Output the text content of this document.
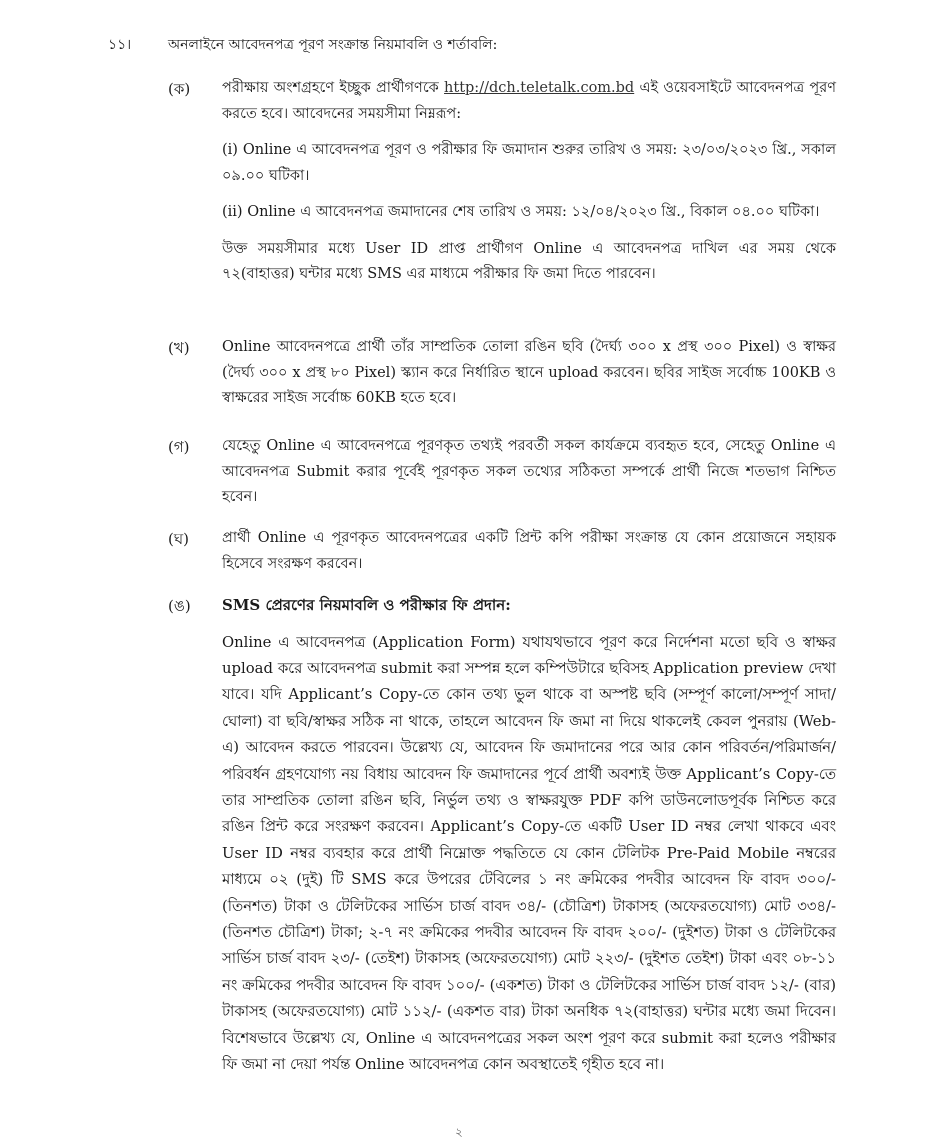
১১।	অনলাইনে আবেদনপত্র পূরণ সংক্রান্ত নিয়মাবলি ও শর্তাবলি:
(ক) পরীক্ষায় অংশগ্রহণে ইচ্ছুক প্রার্থীগণকে http://dch.teletalk.com.bd এই ওয়েবসাইটে আবেদনপত্র পূরণ করতে হবে। আবেদনের সময়সীমা নিম্নরূপ:

(i) Online এ আবেদনপত্র পূরণ ও পরীক্ষার ফি জমাদান শুরুর তারিখ ও সময়: ২৩/০৩/২০২৩ খ্রি., সকাল ০৯.০০ ঘটিকা।

(ii) Online এ আবেদনপত্র জমাদানের শেষ তারিখ ও সময়: ১২/০৪/২০২৩ খ্রি., বিকাল ০৪.০০ ঘটিকা।

উক্ত সময়সীমার মধ্যে User ID প্রাপ্ত প্রার্থীগণ Online এ আবেদনপত্র দাখিল এর সময় থেকে ৭২(বাহাত্তর) ঘন্টার মধ্যে SMS এর মাধ্যমে পরীক্ষার ফি জমা দিতে পারবেন।

(খ) Online আবেদনপত্রে প্রার্থী তাঁর সাম্প্রতিক তোলা রঙিন ছবি (দৈর্ঘ্য ৩০০ x প্রস্থ ৩০০ Pixel) ও স্বাক্ষর (দৈর্ঘ্য ৩০০ x প্রস্থ ৮০ Pixel) স্ক্যান করে নির্ধারিত স্থানে upload করবেন। ছবির সাইজ সর্বোচ্চ 100KB ও স্বাক্ষরের সাইজ সর্বোচ্চ 60KB হতে হবে।

(গ) যেহেতু Online এ আবেদনপত্রে পূরণকৃত তথ্যই পরবর্তী সকল কার্যক্রমে ব্যবহৃত হবে, সেহেতু Online এ আবেদনপত্র Submit করার পূর্বেই পূরণকৃত সকল তথ্যের সঠিকতা সম্পর্কে প্রার্থী নিজে শতভাগ নিশ্চিত হবেন।

(ঘ) প্রার্থী Online এ পূরণকৃত আবেদনপত্রের একটি প্রিন্ট কপি পরীক্ষা সংক্রান্ত যে কোন প্রয়োজনে সহায়ক হিসেবে সংরক্ষণ করবেন।

(ঙ) SMS প্রেরণের নিয়মাবলি ও পরীক্ষার ফি প্রদান:

Online এ আবেদনপত্র (Application Form) যথাযথভাবে পূরণ করে নির্দেশনা মতো ছবি ও স্বাক্ষর upload করে আবেদনপত্র submit করা সম্পন্ন হলে কম্পিউটারে ছবিসহ Application preview দেখা যাবে। যদি Applicant’s Copy-তে কোন তথ্য ভুল থাকে বা অস্পষ্ট ছবি (সম্পূর্ণ কালো/সম্পূর্ণ সাদা/ঘোলা) বা ছবি/স্বাক্ষর সঠিক না থাকে, তাহলে আবেদন ফি জমা না দিয়ে থাকলেই কেবল পুনরায় (Web-এ) আবেদন করতে পারবেন। উল্লেখ্য যে, আবেদন ফি জমাদানের পরে আর কোন পরিবর্তন/পরিমার্জন/পরিবর্ধন গ্রহণযোগ্য নয় বিধায় আবেদন ফি জমাদানের পূর্বে প্রার্থী অবশ্যই উক্ত Applicant’s Copy-তে তার সাম্প্রতিক তোলা রঙিন ছবি, নির্ভুল তথ্য ও স্বাক্ষরযুক্ত PDF কপি ডাউনলোডপূর্বক নিশ্চিত করে রঙিন প্রিন্ট করে সংরক্ষণ করবেন। Applicant’s Copy-তে একটি User ID নম্বর লেখা থাকবে এবং User ID নম্বর ব্যবহার করে প্রার্থী নিম্নোক্ত পদ্ধতিতে যে কোন টেলিটক Pre-Paid Mobile নম্বরের মাধ্যমে ০২ (দুই) টি SMS করে উপরের টেবিলের ১ নং ক্রমিকের পদবীর আবেদন ফি বাবদ ৩০০/- (তিনশত) টাকা ও টেলিটকের সার্ভিস চার্জ বাবদ ৩৪/- (চৌত্রিশ) টাকাসহ (অফেরতযোগ্য) মোট ৩৩৪/- (তিনশত চৌত্রিশ) টাকা; ২-৭ নং ক্রমিকের পদবীর আবেদন ফি বাবদ ২০০/- (দুইশত) টাকা ও টেলিটকের সার্ভিস চার্জ বাবদ ২৩/- (তেইশ) টাকাসহ (অফেরতযোগ্য) মোট ২২৩/- (দুইশত তেইশ) টাকা এবং ০৮-১১ নং ক্রমিকের পদবীর আবেদন ফি বাবদ ১০০/- (একশত) টাকা ও টেলিটকের সার্ভিস চার্জ বাবদ ১২/- (বার) টাকাসহ (অফেরতযোগ্য) মোট ১১২/- (একশত বার) টাকা অনধিক ৭২(বাহাত্তর) ঘন্টার মধ্যে জমা দিবেন। বিশেষভাবে উল্লেখ্য যে, Online এ আবেদনপত্রের সকল অংশ পূরণ করে submit করা হলেও পরীক্ষার ফি জমা না দেয়া পর্যন্ত Online আবেদনপত্র কোন অবস্থাতেই গৃহীত হবে না।

২
